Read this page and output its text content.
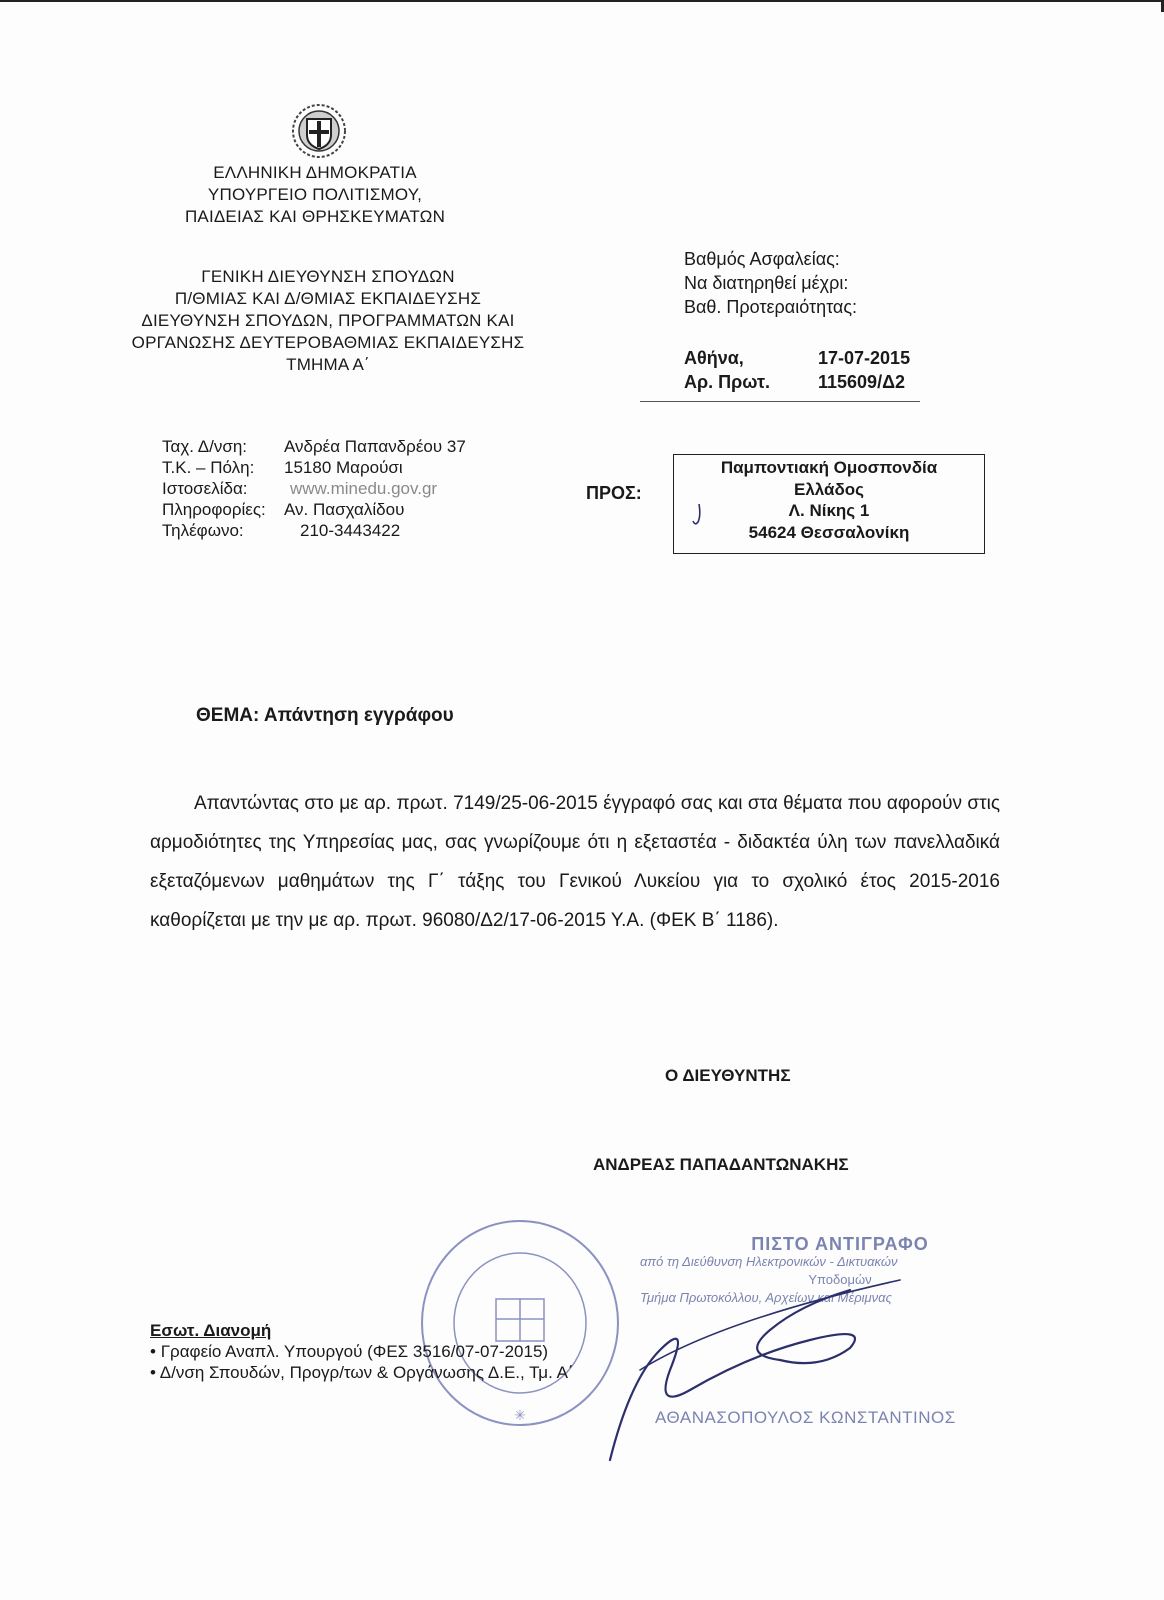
ΕΛΛΗΝΙΚΗ ΔΗΜΟΚΡΑΤΙΑ
ΥΠΟΥΡΓΕΙΟ ΠΟΛΙΤΙΣΜΟΥ,
ΠΑΙΔΕΙΑΣ ΚΑΙ ΘΡΗΣΚΕΥΜΑΤΩΝ
ΓΕΝΙΚΗ ΔΙΕΥΘΥΝΣΗ ΣΠΟΥΔΩΝ
Π/ΘΜΙΑΣ ΚΑΙ Δ/ΘΜΙΑΣ ΕΚΠΑΙΔΕΥΣΗΣ
ΔΙΕΥΘΥΝΣΗ ΣΠΟΥΔΩΝ, ΠΡΟΓΡΑΜΜΑΤΩΝ ΚΑΙ
ΟΡΓΑΝΩΣΗΣ ΔΕΥΤΕΡΟΒΑΘΜΙΑΣ ΕΚΠΑΙΔΕΥΣΗΣ
ΤΜΗΜΑ Α΄
Βαθμός Ασφαλείας:
Να διατηρηθεί μέχρι:
Βαθ. Προτεραιότητας:
Αθήνα,	17-07-2015
Αρ. Πρωτ.	115609/Δ2
Ταχ. Δ/νση:	Ανδρέα Παπανδρέου 37
Τ.Κ. – Πόλη:	15180 Μαρούσι
Ιστοσελίδα:	www.minedu.gov.gr
Πληροφορίες:	Αν. Πασχαλίδου
Τηλέφωνο:	210-3443422
ΠΡΟΣ:
Παμποντιακή Ομοσπονδία
Ελλάδος
Λ. Νίκης 1
54624 Θεσσαλονίκη
ΘΕΜΑ: Απάντηση εγγράφου

Απαντώντας στο με αρ. πρωτ. 7149/25-06-2015 έγγραφό σας και στα θέματα που αφορούν στις αρμοδιότητες της Υπηρεσίας μας, σας γνωρίζουμε ότι η εξεταστέα - διδακτέα ύλη των πανελλαδικά εξεταζόμενων μαθημάτων της Γ΄ τάξης του Γενικού Λυκείου για το σχολικό έτος 2015-2016 καθορίζεται με την με αρ. πρωτ. 96080/Δ2/17-06-2015 Υ.Α. (ΦΕΚ Β΄ 1186).

Ο ΔΙΕΥΘΥΝΤΗΣ
ΑΝΔΡΕΑΣ ΠΑΠΑΔΑΝΤΩΝΑΚΗΣ
✳
ΠΙΣΤΟ ΑΝΤΙΓΡΑΦΟ
από τη Διεύθυνση Ηλεκτρονικών - Δικτυακών
Υποδομών
Τμήμα Πρωτοκόλλου, Αρχείων και Μέριμνας
ΑΘΑΝΑΣΟΠΟΥΛΟΣ ΚΩΝΣΤΑΝΤΙΝΟΣ
Εσωτ. Διανομή
• Γραφείο Αναπλ. Υπουργού (ΦΕΣ 3516/07-07-2015)
• Δ/νση Σπουδών, Προγρ/των & Οργάνωσης Δ.Ε., Τμ. Α΄
